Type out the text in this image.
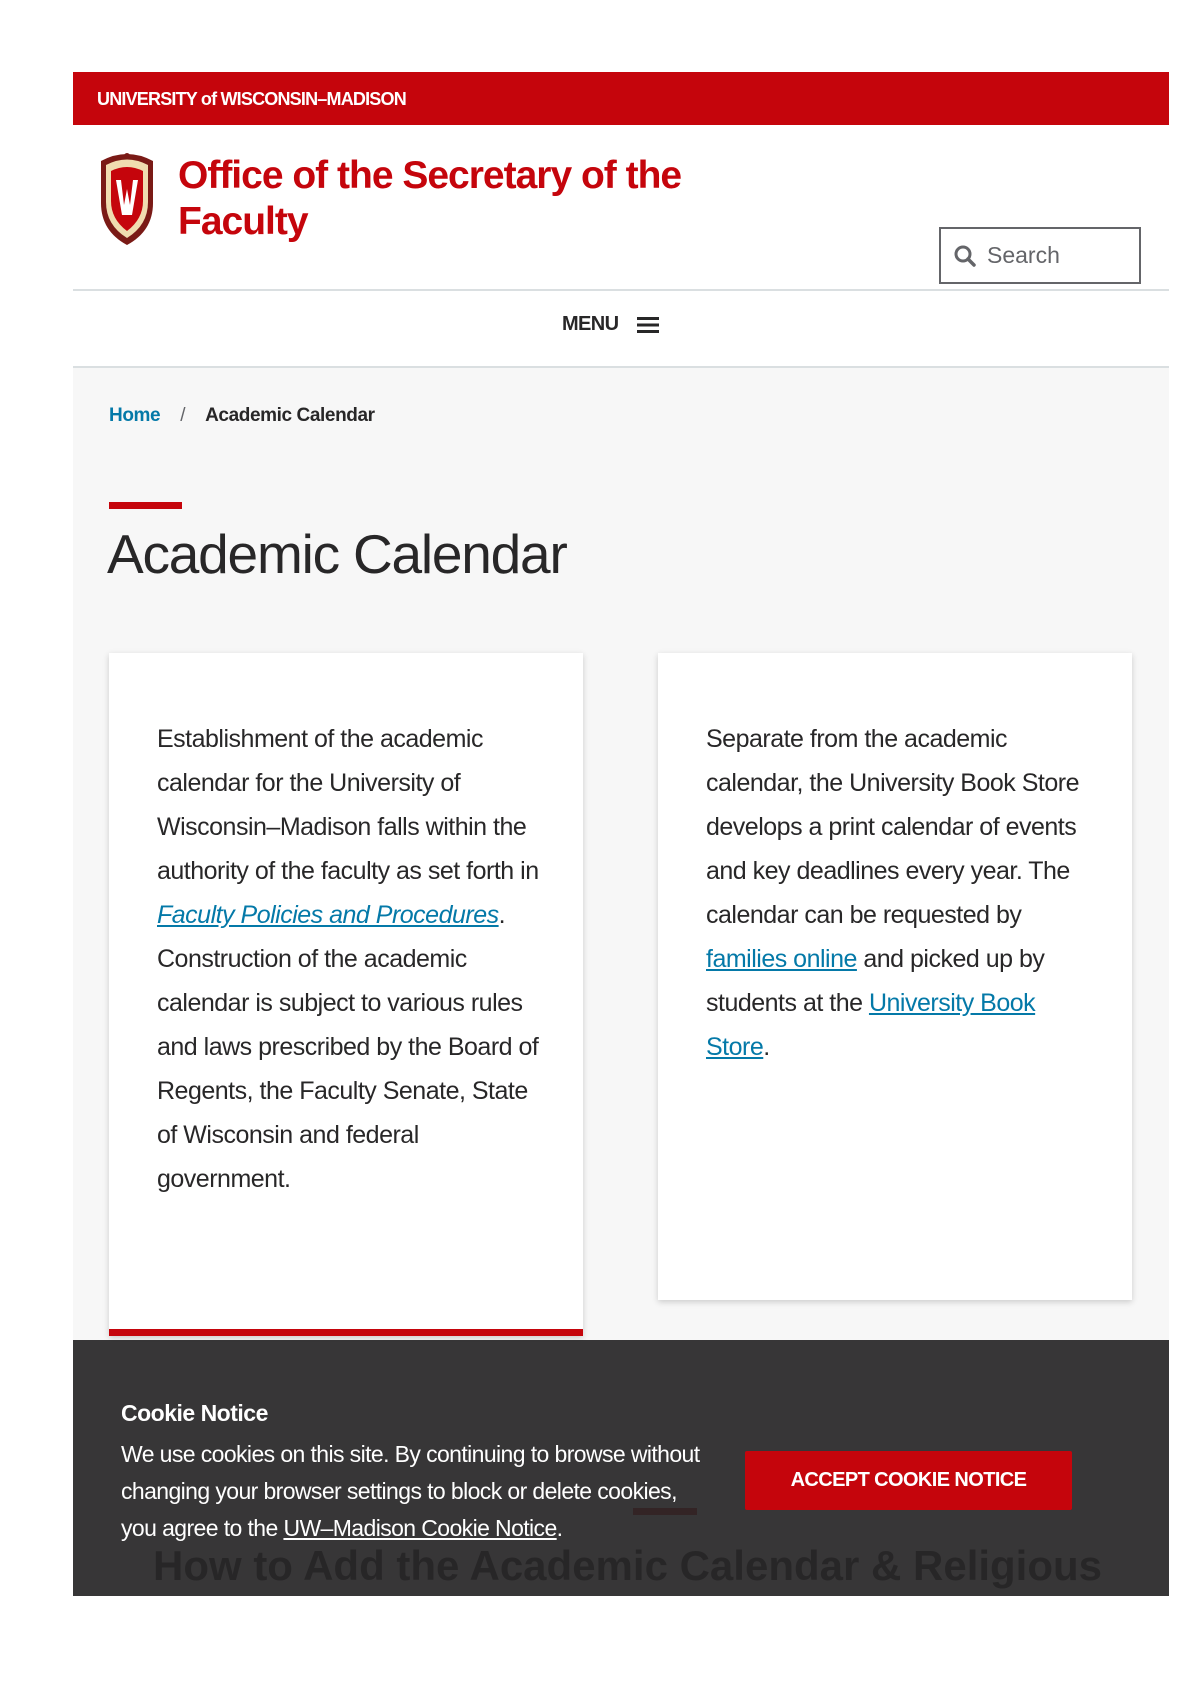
UNIVERSITY of WISCONSIN–MADISON
Office of the Secretary of the Faculty
Search
MENU
Home / Academic Calendar
Academic Calendar
Establishment of the academic calendar for the University of Wisconsin–Madison falls within the authority of the faculty as set forth in Faculty Policies and Procedures. Construction of the academic calendar is subject to various rules and laws prescribed by the Board of Regents, the Faculty Senate, State of Wisconsin and federal government.
Separate from the academic calendar, the University Book Store develops a print calendar of events and key deadlines every year. The calendar can be requested by families online and picked up by students at the University Book Store.
Cookie Notice
We use cookies on this site. By continuing to browse without changing your browser settings to block or delete cookies, you agree to the UW–Madison Cookie Notice.
ACCEPT COOKIE NOTICE
